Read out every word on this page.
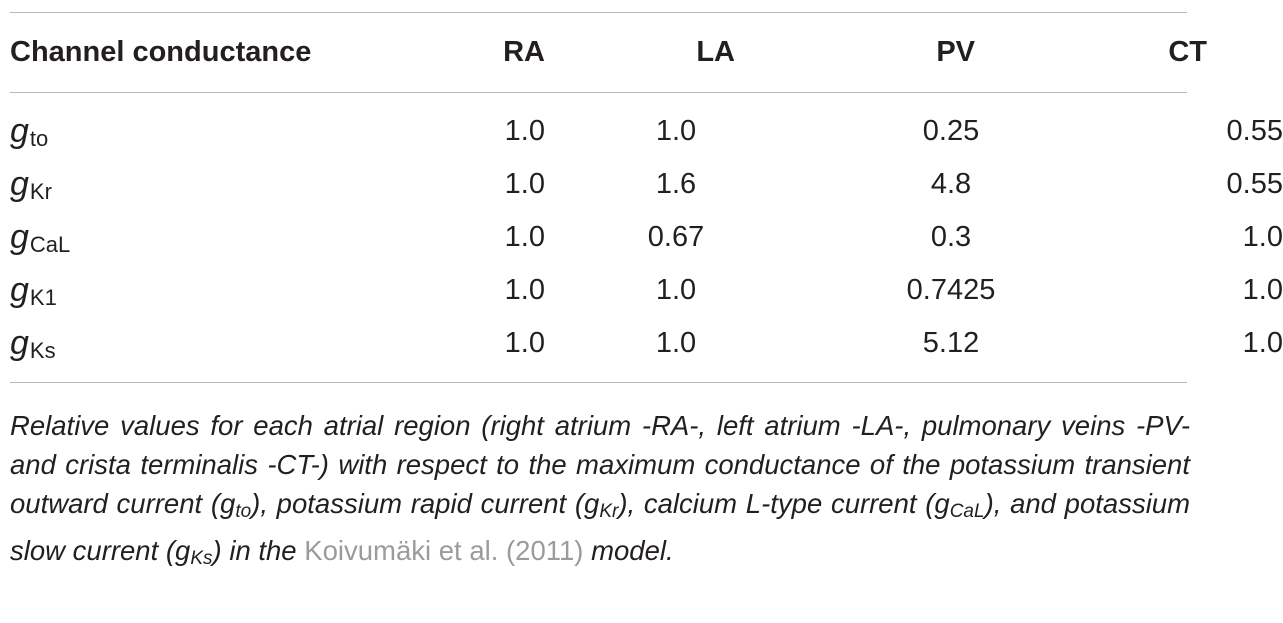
Channel conductance	RA	LA	PV	CT

$g_{to}$	1.0	1.0	0.25	0.55
$g_{Kr}$	1.0	1.6	4.8	0.55
$g_{CaL}$	1.0	0.67	0.3	1.0
$g_{K1}$	1.0	1.0	0.7425	1.0
$g_{Ks}$	1.0	1.0	5.12	1.0

Relative values for each atrial region (right atrium -RA-, left atrium -LA-, pulmonary veins -PV- and crista terminalis -CT-) with respect to the maximum conductance of the potassium transient outward current $(g_{to})$, potassium rapid current $(g_{Kr})$, calcium L-type current $(g_{CaL})$, and potassium slow current $(g_{Ks})$ in the Koivumäki et al. (2011) model.
